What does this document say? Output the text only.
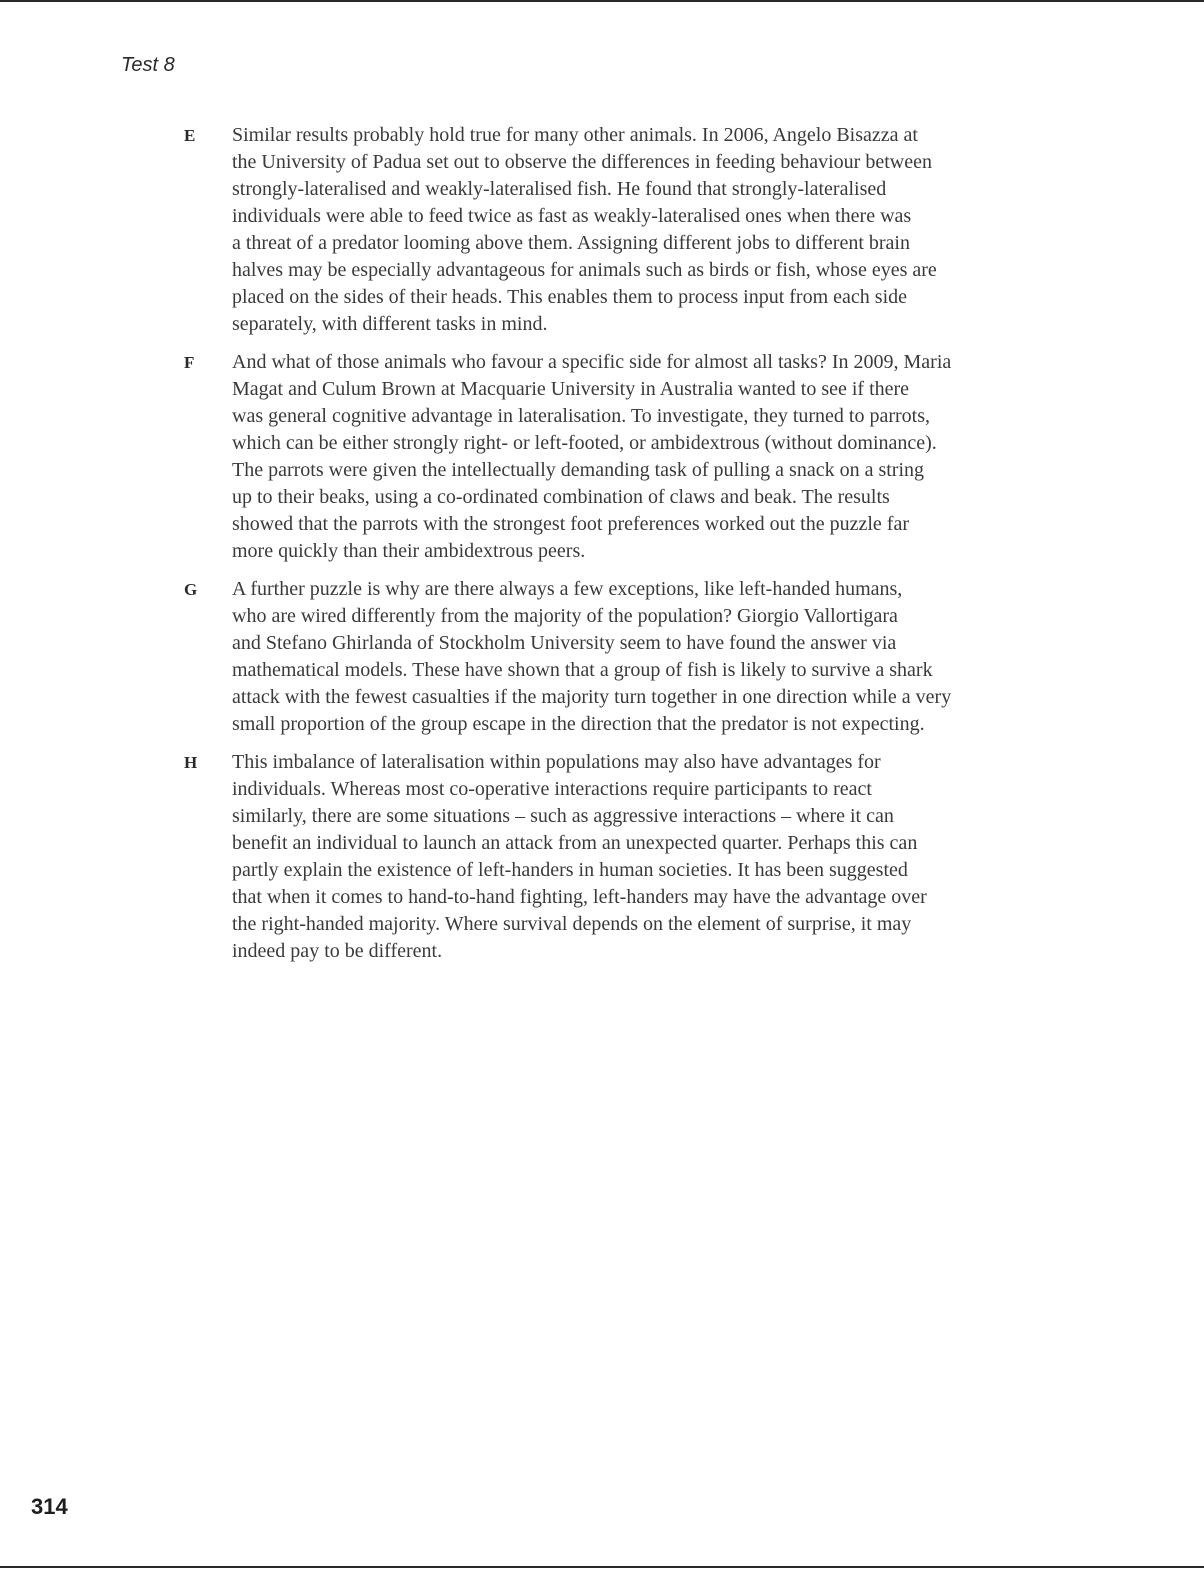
Test 8
E	Similar results probably hold true for many other animals. In 2006, Angelo Bisazza at
the University of Padua set out to observe the differences in feeding behaviour between
strongly-lateralised and weakly-lateralised fish. He found that strongly-lateralised
individuals were able to feed twice as fast as weakly-lateralised ones when there was
a threat of a predator looming above them. Assigning different jobs to different brain
halves may be especially advantageous for animals such as birds or fish, whose eyes are
placed on the sides of their heads. This enables them to process input from each side
separately, with different tasks in mind.

F	And what of those animals who favour a specific side for almost all tasks? In 2009, Maria
Magat and Culum Brown at Macquarie University in Australia wanted to see if there
was general cognitive advantage in lateralisation. To investigate, they turned to parrots,
which can be either strongly right- or left-footed, or ambidextrous (without dominance).
The parrots were given the intellectually demanding task of pulling a snack on a string
up to their beaks, using a co-ordinated combination of claws and beak. The results
showed that the parrots with the strongest foot preferences worked out the puzzle far
more quickly than their ambidextrous peers.

G	A further puzzle is why are there always a few exceptions, like left-handed humans,
who are wired differently from the majority of the population? Giorgio Vallortigara
and Stefano Ghirlanda of Stockholm University seem to have found the answer via
mathematical models. These have shown that a group of fish is likely to survive a shark
attack with the fewest casualties if the majority turn together in one direction while a very
small proportion of the group escape in the direction that the predator is not expecting.

H	This imbalance of lateralisation within populations may also have advantages for
individuals. Whereas most co-operative interactions require participants to react
similarly, there are some situations – such as aggressive interactions – where it can
benefit an individual to launch an attack from an unexpected quarter. Perhaps this can
partly explain the existence of left-handers in human societies. It has been suggested
that when it comes to hand-to-hand fighting, left-handers may have the advantage over
the right-handed majority. Where survival depends on the element of surprise, it may
indeed pay to be different.

314
